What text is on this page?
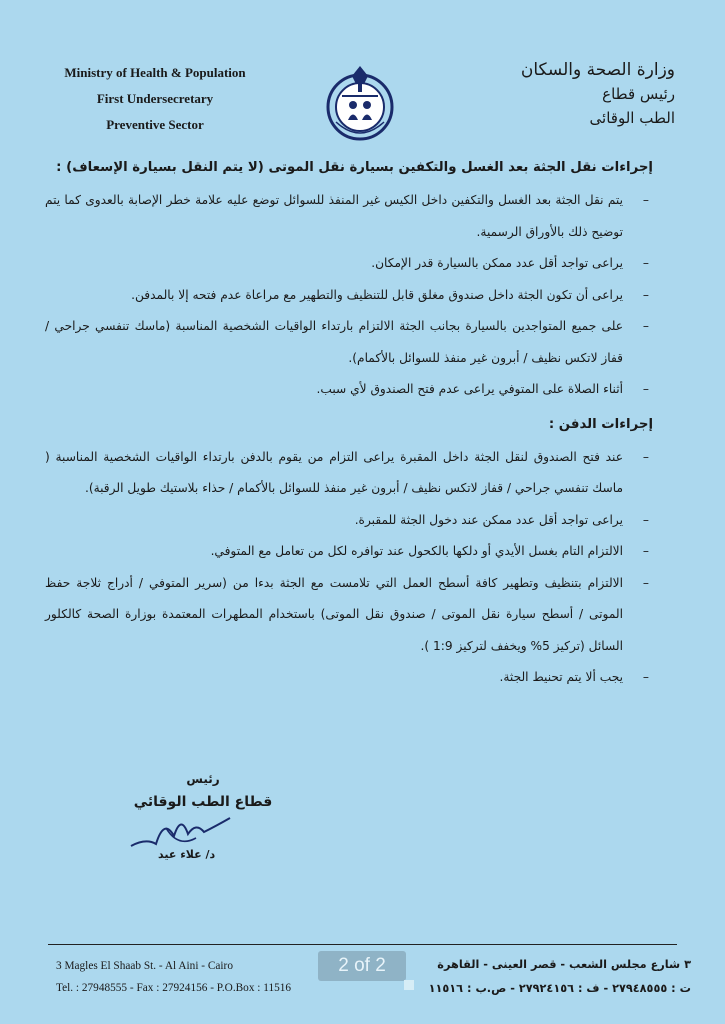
Ministry of Health & Population
First Undersecretary
Preventive Sector
وزارة الصحة والسكان
رئيس قطاع
الطب الوقائى
إجراءات نقل الجثة بعد الغسل والتكفين بسيارة نقل الموتى (لا يتم النقل بسيارة الإسعاف) :
–
يتم نقل الجثة بعد الغسل والتكفين داخل الكيس غير المنفذ للسوائل توضع عليه علامة خطر الإصابة بالعدوى كما يتم توضيح ذلك بالأوراق الرسمية.
–
يراعى تواجد أقل عدد ممكن بالسيارة قدر الإمكان.
–
يراعى أن تكون الجثة داخل صندوق مغلق قابل للتنظيف والتطهير مع مراعاة عدم فتحه إلا بالمدفن.
–
على جميع المتواجدين بالسيارة بجانب الجثة الالتزام بارتداء الواقيات الشخصية المناسبة (ماسك تنفسي جراحي / قفاز لاتكس نظيف / أبرون غير منفذ للسوائل بالأكمام).
–
أثناء الصلاة على المتوفي يراعى عدم فتح الصندوق لأي سبب.
إجراءات الدفن :
–
عند فتح الصندوق لنقل الجثة داخل المقبرة يراعى التزام من يقوم بالدفن بارتداء الواقيات الشخصية المناسبة ( ماسك تنفسي جراحي / قفاز لاتكس نظيف / أبرون غير منفذ للسوائل بالأكمام / حذاء بلاستيك طويل الرقبة).
–
يراعى تواجد أقل عدد ممكن عند دخول الجثة للمقبرة.
–
الالتزام التام بغسل الأيدي أو دلكها بالكحول عند توافره لكل من تعامل مع المتوفي.
–
الالتزام بتنظيف وتطهير كافة أسطح العمل التي تلامست مع الجثة بدءا من (سرير المتوفي / أدراج ثلاجة حفظ الموتى / أسطح سيارة نقل الموتى / صندوق نقل الموتى) باستخدام المطهرات المعتمدة بوزارة الصحة كالكلور السائل (تركيز 5% ويخفف لتركيز 1:9 ).
–
يجب ألا يتم تحنيط الجثة.
رئيس
قطاع الطب الوقائي
د/ علاء عيد
3 Magles El Shaab St. - Al Aini - Cairo
Tel. : 27948555 - Fax : 27924156 - P.O.Box : 11516
٣ شارع مجلس الشعب - قصر العينى - القاهرة
ت : ٢٧٩٤٨٥٥٥ - ف : ٢٧٩٢٤١٥٦ - ص.ب : ١١٥١٦
2 of 2
